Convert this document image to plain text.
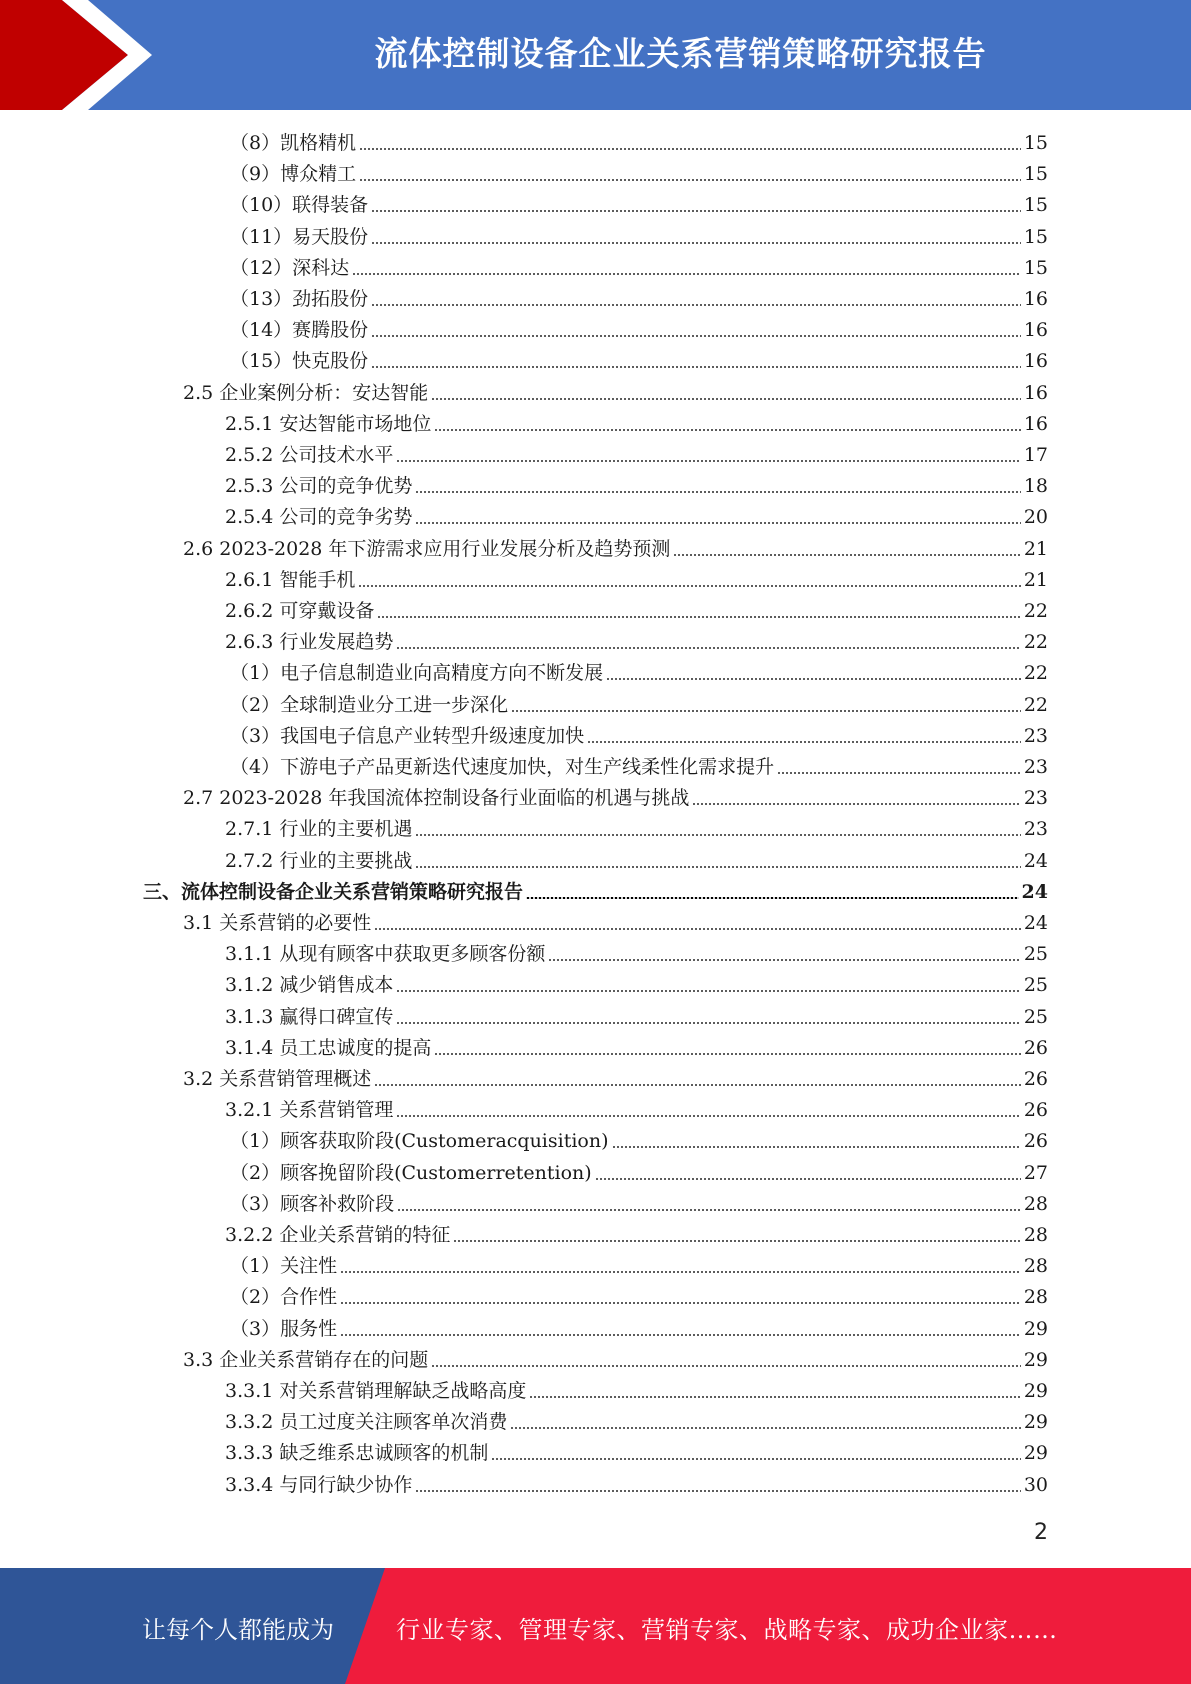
流体控制设备企业关系营销策略研究报告
（8）凯格精机	15
（9）博众精工	15
（10）联得装备	15
（11）易天股份	15
（12）深科达	15
（13）劲拓股份	16
（14）赛腾股份	16
（15）快克股份	16
2.5 企业案例分析：安达智能	16
2.5.1 安达智能市场地位	16
2.5.2 公司技术水平	17
2.5.3 公司的竞争优势	18
2.5.4 公司的竞争劣势	20
2.6 2023-2028 年下游需求应用行业发展分析及趋势预测	21
2.6.1 智能手机	21
2.6.2 可穿戴设备	22
2.6.3 行业发展趋势	22
（1）电子信息制造业向高精度方向不断发展	22
（2）全球制造业分工进一步深化	22
（3）我国电子信息产业转型升级速度加快	23
（4）下游电子产品更新迭代速度加快，对生产线柔性化需求提升	23
2.7 2023-2028 年我国流体控制设备行业面临的机遇与挑战	23
2.7.1 行业的主要机遇	23
2.7.2 行业的主要挑战	24
三、流体控制设备企业关系营销策略研究报告	24
3.1 关系营销的必要性	24
3.1.1 从现有顾客中获取更多顾客份额	25
3.1.2 减少销售成本	25
3.1.3 赢得口碑宣传	25
3.1.4 员工忠诚度的提高	26
3.2 关系营销管理概述	26
3.2.1 关系营销管理	26
（1）顾客获取阶段(Customeracquisition)	26
（2）顾客挽留阶段(Customerretention)	27
（3）顾客补救阶段	28
3.2.2 企业关系营销的特征	28
（1）关注性	28
（2）合作性	28
（3）服务性	29
3.3 企业关系营销存在的问题	29
3.3.1 对关系营销理解缺乏战略高度	29
3.3.2 员工过度关注顾客单次消费	29
3.3.3 缺乏维系忠诚顾客的机制	29
3.3.4 与同行缺少协作	30
2
让每个人都能成为	行业专家、管理专家、营销专家、战略专家、成功企业家……
